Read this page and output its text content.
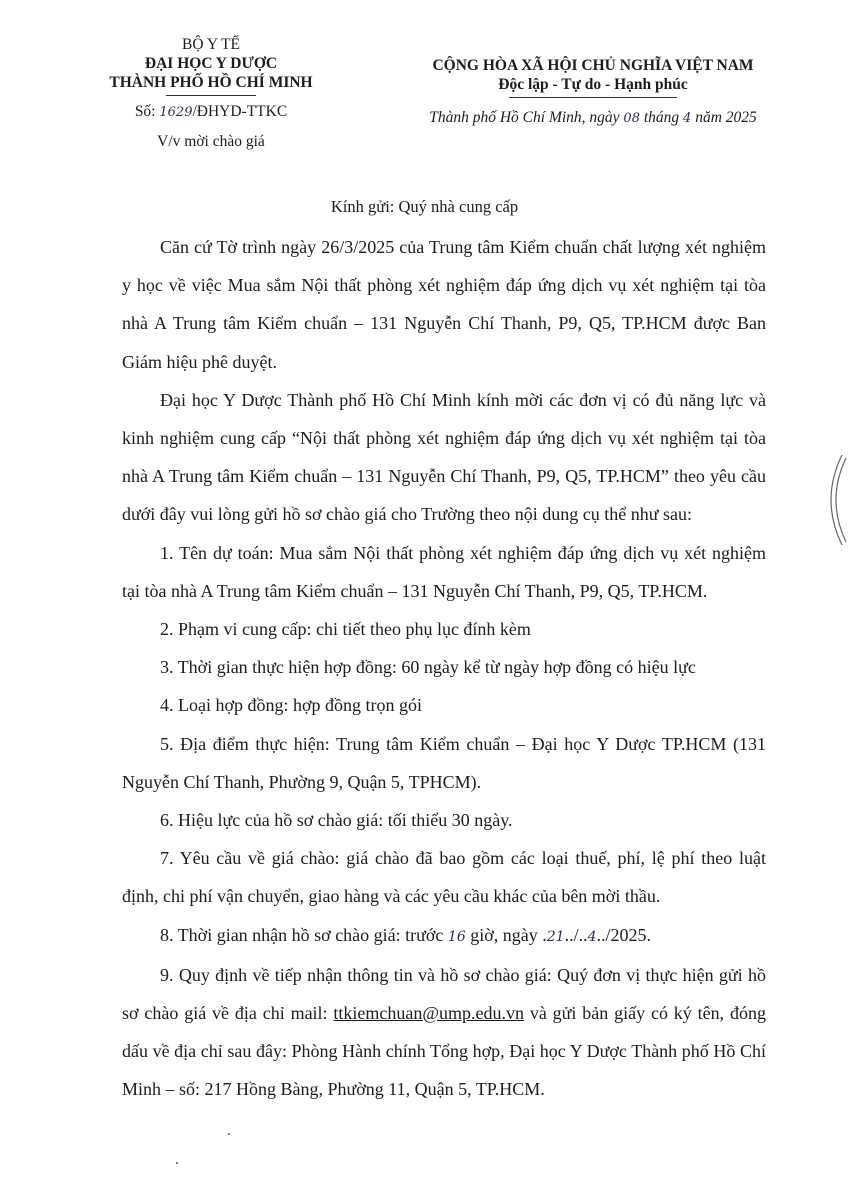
BỘ Y TẾ
ĐẠI HỌC Y DƯỢC
THÀNH PHỐ HỒ CHÍ MINH
Số: 1629/ĐHYD-TTKC
V/v mời chào giá
CỘNG HÒA XÃ HỘI CHỦ NGHĨA VIỆT NAM
Độc lập - Tự do - Hạnh phúc
Thành phố Hồ Chí Minh, ngày 08 tháng 4 năm 2025
Kính gửi: Quý nhà cung cấp

Căn cứ Tờ trình ngày 26/3/2025 của Trung tâm Kiểm chuẩn chất lượng xét nghiệm y học về việc Mua sắm Nội thất phòng xét nghiệm đáp ứng dịch vụ xét nghiệm tại tòa nhà A Trung tâm Kiểm chuẩn – 131 Nguyễn Chí Thanh, P9, Q5, TP.HCM được Ban Giám hiệu phê duyệt.

Đại học Y Dược Thành phố Hồ Chí Minh kính mời các đơn vị có đủ năng lực và kinh nghiệm cung cấp “Nội thất phòng xét nghiệm đáp ứng dịch vụ xét nghiệm tại tòa nhà A Trung tâm Kiểm chuẩn – 131 Nguyễn Chí Thanh, P9, Q5, TP.HCM” theo yêu cầu dưới đây vui lòng gửi hồ sơ chào giá cho Trường theo nội dung cụ thể như sau:

1. Tên dự toán: Mua sắm Nội thất phòng xét nghiệm đáp ứng dịch vụ xét nghiệm tại tòa nhà A Trung tâm Kiểm chuẩn – 131 Nguyễn Chí Thanh, P9, Q5, TP.HCM.

2. Phạm vi cung cấp: chi tiết theo phụ lục đính kèm

3. Thời gian thực hiện hợp đồng: 60 ngày kể từ ngày hợp đồng có hiệu lực

4. Loại hợp đồng: hợp đồng trọn gói

5. Địa điểm thực hiện: Trung tâm Kiểm chuẩn – Đại học Y Dược TP.HCM (131 Nguyễn Chí Thanh, Phường 9, Quận 5, TPHCM).

6. Hiệu lực của hồ sơ chào giá: tối thiểu 30 ngày.

7. Yêu cầu về giá chào: giá chào đã bao gồm các loại thuế, phí, lệ phí theo luật định, chi phí vận chuyển, giao hàng và các yêu cầu khác của bên mời thầu.

8. Thời gian nhận hồ sơ chào giá: trước 16 giờ, ngày .21../..4../2025.

9. Quy định về tiếp nhận thông tin và hồ sơ chào giá: Quý đơn vị thực hiện gửi hồ sơ chào giá về địa chỉ mail: ttkiemchuan@ump.edu.vn và gửi bản giấy có ký tên, đóng dấu về địa chỉ sau đây: Phòng Hành chính Tổng hợp, Đại học Y Dược Thành phố Hồ Chí Minh – số: 217 Hồng Bàng, Phường 11, Quận 5, TP.HCM.
